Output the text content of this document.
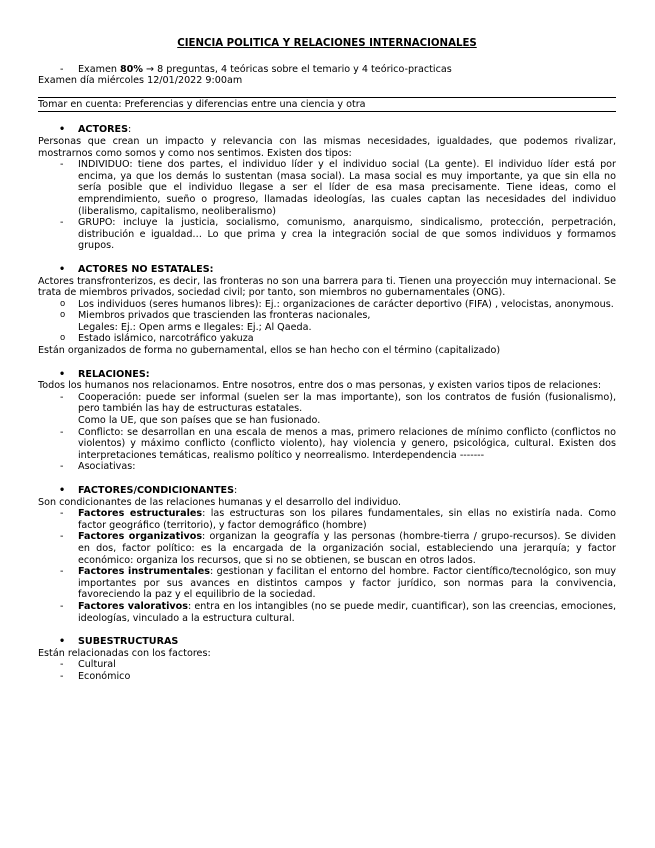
CIENCIA POLITICA Y RELACIONES INTERNACIONALES
- Examen 80% → 8 preguntas, 4 teóricas sobre el temario y 4 teórico-practicas
Examen día miércoles 12/01/2022 9:00am
Tomar en cuenta: Preferencias y diferencias entre una ciencia y otra
• ACTORES:
Personas que crean un impacto y relevancia con las mismas necesidades, igualdades, que podemos rivalizar, mostrarnos como somos y como nos sentimos. Existen dos tipos:
- INDIVIDUO: tiene dos partes, el individuo líder y el individuo social (La gente). El individuo líder está por encima, ya que los demás lo sustentan (masa social). La masa social es muy importante, ya que sin ella no sería posible que el individuo llegase a ser el líder de esa masa precisamente. Tiene ideas, como el emprendimiento, sueño o progreso, llamadas ideologías, las cuales captan las necesidades del individuo (liberalismo, capitalismo, neoliberalismo)
- GRUPO: incluye la justicia, socialismo, comunismo, anarquismo, sindicalismo, protección, perpetración, distribución e igualdad… Lo que prima y crea la integración social de que somos individuos y formamos grupos.
• ACTORES NO ESTATALES:
Actores transfronterizos, es decir, las fronteras no son una barrera para ti. Tienen una proyección muy internacional. Se trata de miembros privados, sociedad civil; por tanto, son miembros no gubernamentales (ONG).
o Los individuos (seres humanos libres): Ej.: organizaciones de carácter deportivo (FIFA) , velocistas, anonymous.
o Miembros privados que trascienden las fronteras nacionales,
Legales: Ej.: Open arms e Ilegales: Ej.; Al Qaeda.
o Estado islámico, narcotráfico yakuza
Están organizados de forma no gubernamental, ellos se han hecho con el término (capitalizado)
• RELACIONES:
Todos los humanos nos relacionamos. Entre nosotros, entre dos o mas personas, y existen varios tipos de relaciones:
- Cooperación: puede ser informal (suelen ser la mas importante), son los contratos de fusión (fusionalismo), pero también las hay de estructuras estatales.
Como la UE, que son países que se han fusionado.
- Conflicto: se desarrollan en una escala de menos a mas, primero relaciones de mínimo conflicto (conflictos no violentos) y máximo conflicto (conflicto violento), hay violencia y genero, psicológica, cultural. Existen dos interpretaciones temáticas, realismo político y neorrealismo. Interdependencia -------
- Asociativas:
• FACTORES/CONDICIONANTES:
Son condicionantes de las relaciones humanas y el desarrollo del individuo.
- Factores estructurales: las estructuras son los pilares fundamentales, sin ellas no existiría nada. Como factor geográfico (territorio), y factor demográfico (hombre)
- Factores organizativos: organizan la geografía y las personas (hombre-tierra / grupo-recursos). Se dividen en dos, factor político: es la encargada de la organización social, estableciendo una jerarquía; y factor económico: organiza los recursos, que si no se obtienen, se buscan en otros lados.
- Factores instrumentales: gestionan y facilitan el entorno del hombre. Factor científico/tecnológico, son muy importantes por sus avances en distintos campos y factor jurídico, son normas para la convivencia, favoreciendo la paz y el equilibrio de la sociedad.
- Factores valorativos: entra en los intangibles (no se puede medir, cuantificar), son las creencias, emociones, ideologías, vinculado a la estructura cultural.
• SUBESTRUCTURAS
Están relacionadas con los factores:
- Cultural
- Económico
